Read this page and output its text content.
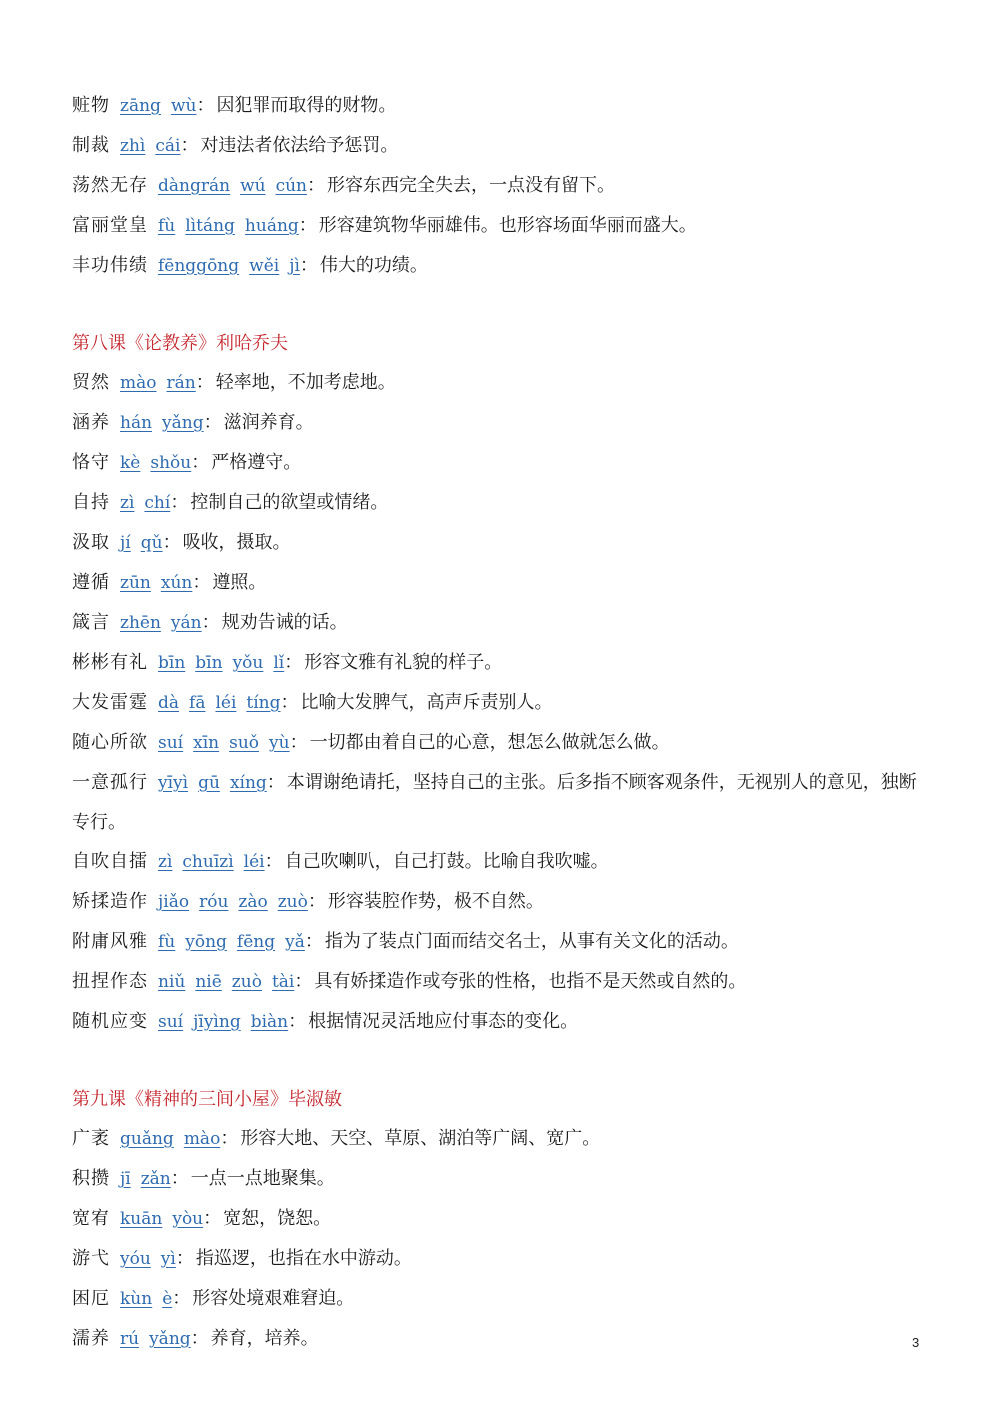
赃物 zāng wù： 因犯罪而取得的财物。

制裁 zhì cái： 对违法者依法给予惩罚。

荡然无存 dàngrán wú cún： 形容东西完全失去，一点没有留下。

富丽堂皇 fù lìtáng huáng： 形容建筑物华丽雄伟。也形容场面华丽而盛大。

丰功伟绩 fēnggōng wěi jì： 伟大的功绩。

第八课《论教养》利哈乔夫

贸然 mào rán： 轻率地，不加考虑地。

涵养 hán yǎng： 滋润养育。

恪守 kè shǒu： 严格遵守。

自持 zì chí： 控制自己的欲望或情绪。

汲取 jí qǔ： 吸收，摄取。

遵循 zūn xún： 遵照。

箴言 zhēn yán： 规劝告诫的话。

彬彬有礼 bīn bīn yǒu lǐ： 形容文雅有礼貌的样子。

大发雷霆 dà fā léi tíng： 比喻大发脾气，高声斥责别人。

随心所欲 suí xīn suǒ yù： 一切都由着自己的心意，想怎么做就怎么做。

一意孤行 yīyì gū xíng： 本谓谢绝请托，坚持自己的主张。后多指不顾客观条件，无视别人的意见，独断专行。

自吹自擂 zì chuīzì léi： 自己吹喇叭，自己打鼓。比喻自我吹嘘。

矫揉造作 jiǎo róu zào zuò： 形容装腔作势，极不自然。

附庸风雅 fù yōng fēng yǎ： 指为了装点门面而结交名士，从事有关文化的活动。

扭捏作态 niǔ niē zuò tài： 具有娇揉造作或夸张的性格，也指不是天然或自然的。

随机应变 suí jīyìng biàn： 根据情况灵活地应付事态的变化。

第九课《精神的三间小屋》毕淑敏

广袤 guǎng mào： 形容大地、天空、草原、湖泊等广阔、宽广。

积攒 jī zǎn： 一点一点地聚集。

宽宥 kuān yòu： 宽恕，饶恕。

游弋 yóu yì： 指巡逻，也指在水中游动。

困厄 kùn è： 形容处境艰难窘迫。

濡养 rú yǎng： 养育，培养。	3
